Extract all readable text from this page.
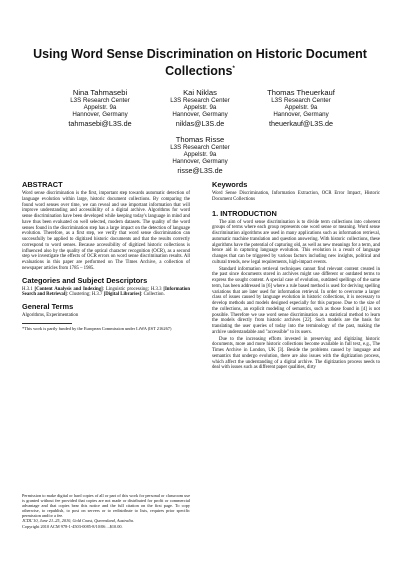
Using Word Sense Discrimination on Historic Document Collections*
Nina Tahmasebi
L3S Research Center
Appelstr. 9a
Hannover, Germany
tahmasebi@L3S.de
Kai Niklas
L3S Research Center
Appelstr. 9a
Hannover, Germany
niklas@L3S.de
Thomas Theuerkauf
L3S Research Center
Appelstr. 9a
Hannover, Germany
theuerkauf@L3S.de
Thomas Risse
L3S Research Center
Appelstr. 9a
Hannover, Germany
risse@L3S.de
ABSTRACT

Word sense discrimination is the first, important step towards automatic detection of language evolution within large, historic document collections. By comparing the found word senses over time, we can reveal and use important information that will improve understanding and accessibility of a digital archive. Algorithms for word sense discrimination have been developed while keeping today's language in mind and have thus been evaluated on well selected, modern datasets. The quality of the word senses found in the discrimination step has a large impact on the detection of language evolution. Therefore, as a first step, we verify that word sense discrimination can successfully be applied to digitized historic documents and that the results correctly correspond to word senses. Because accessibility of digitized historic collections is influenced also by the quality of the optical character recognition (OCR), as a second step we investigate the effects of OCR errors on word sense discrimination results. All evaluations in this paper are performed on The Times Archive, a collection of newspaper articles from 1785 – 1985.

Categories and Subject Descriptors

H.3.1 [Content Analysis and Indexing]: Linguistic processing; H.3.3 [Information Search and Retrieval]: Clustering; H.3.7 [Digital Libraries]: Collection.

General Terms

Algorithms, Experimentation

*This work is partly funded by the European Commission under LiWA (IST 216267)

Permission to make digital or hard copies of all or part of this work for personal or classroom use is granted without fee provided that copies are not made or distributed for profit or commercial advantage and that copies bear this notice and the full citation on the first page. To copy otherwise, to republish, to post on servers or to redistribute to lists, requires prior specific permission and/or a fee.

JCDL'10, June 21–25, 2010, Gold Coast, Queensland, Australia.

Copyright 2010 ACM 978-1-4503-0085-8/10/06 ...$10.00.

Keywords

Word Sense Discrimination, Information Extraction, OCR Error Impact, Historic Document Collections

1. INTRODUCTION

The aim of word sense discrimination is to divide term collections into coherent groups of terms where each group represents one word sense or meaning. Word sense discrimination algorithms are used in many applications such as information retrieval, automatic machine translation and question answering. With historic collections, these algorithms have the potential of capturing old, as well as new meanings for a term, and hence aid in capturing language evolution. This evolution is a result of language changes that can be triggered by various factors including new insights, political and cultural trends, new legal requirements, high-impact events.

Standard information retrieval techniques cannot find relevant content created in the past since documents stored in archives might use different or outdated terms to express the sought content. A special case of evolution, outdated spellings of the same term, has been addressed in [6] where a rule based method is used for deriving spelling variations that are later used for information retrieval. In order to overcome a larger class of issues caused by language evolution in historic collections, it is necessary to develop methods and models designed especially for this purpose. Due to the size of the collections, an explicit modeling of semantics, such as those found in [4] is not possible. Therefore we use word sense discrimination as a statistical method to learn the models directly from historic archives [22]. Such models are the basis for translating the user queries of today into the terminology of the past, making the archive understandable and "accessible" to its users.

Due to the increasing efforts invested in preserving and digitizing historic documents, more and more historic collections become available in full text, e.g., The Times Archive in London, UK [3]. Beside the problems caused by language and semantics that undergo evolution, there are also issues with the digitization process, which affect the understanding of a digital archive. The digitization process needs to deal with issues such as different paper qualities, dirty
